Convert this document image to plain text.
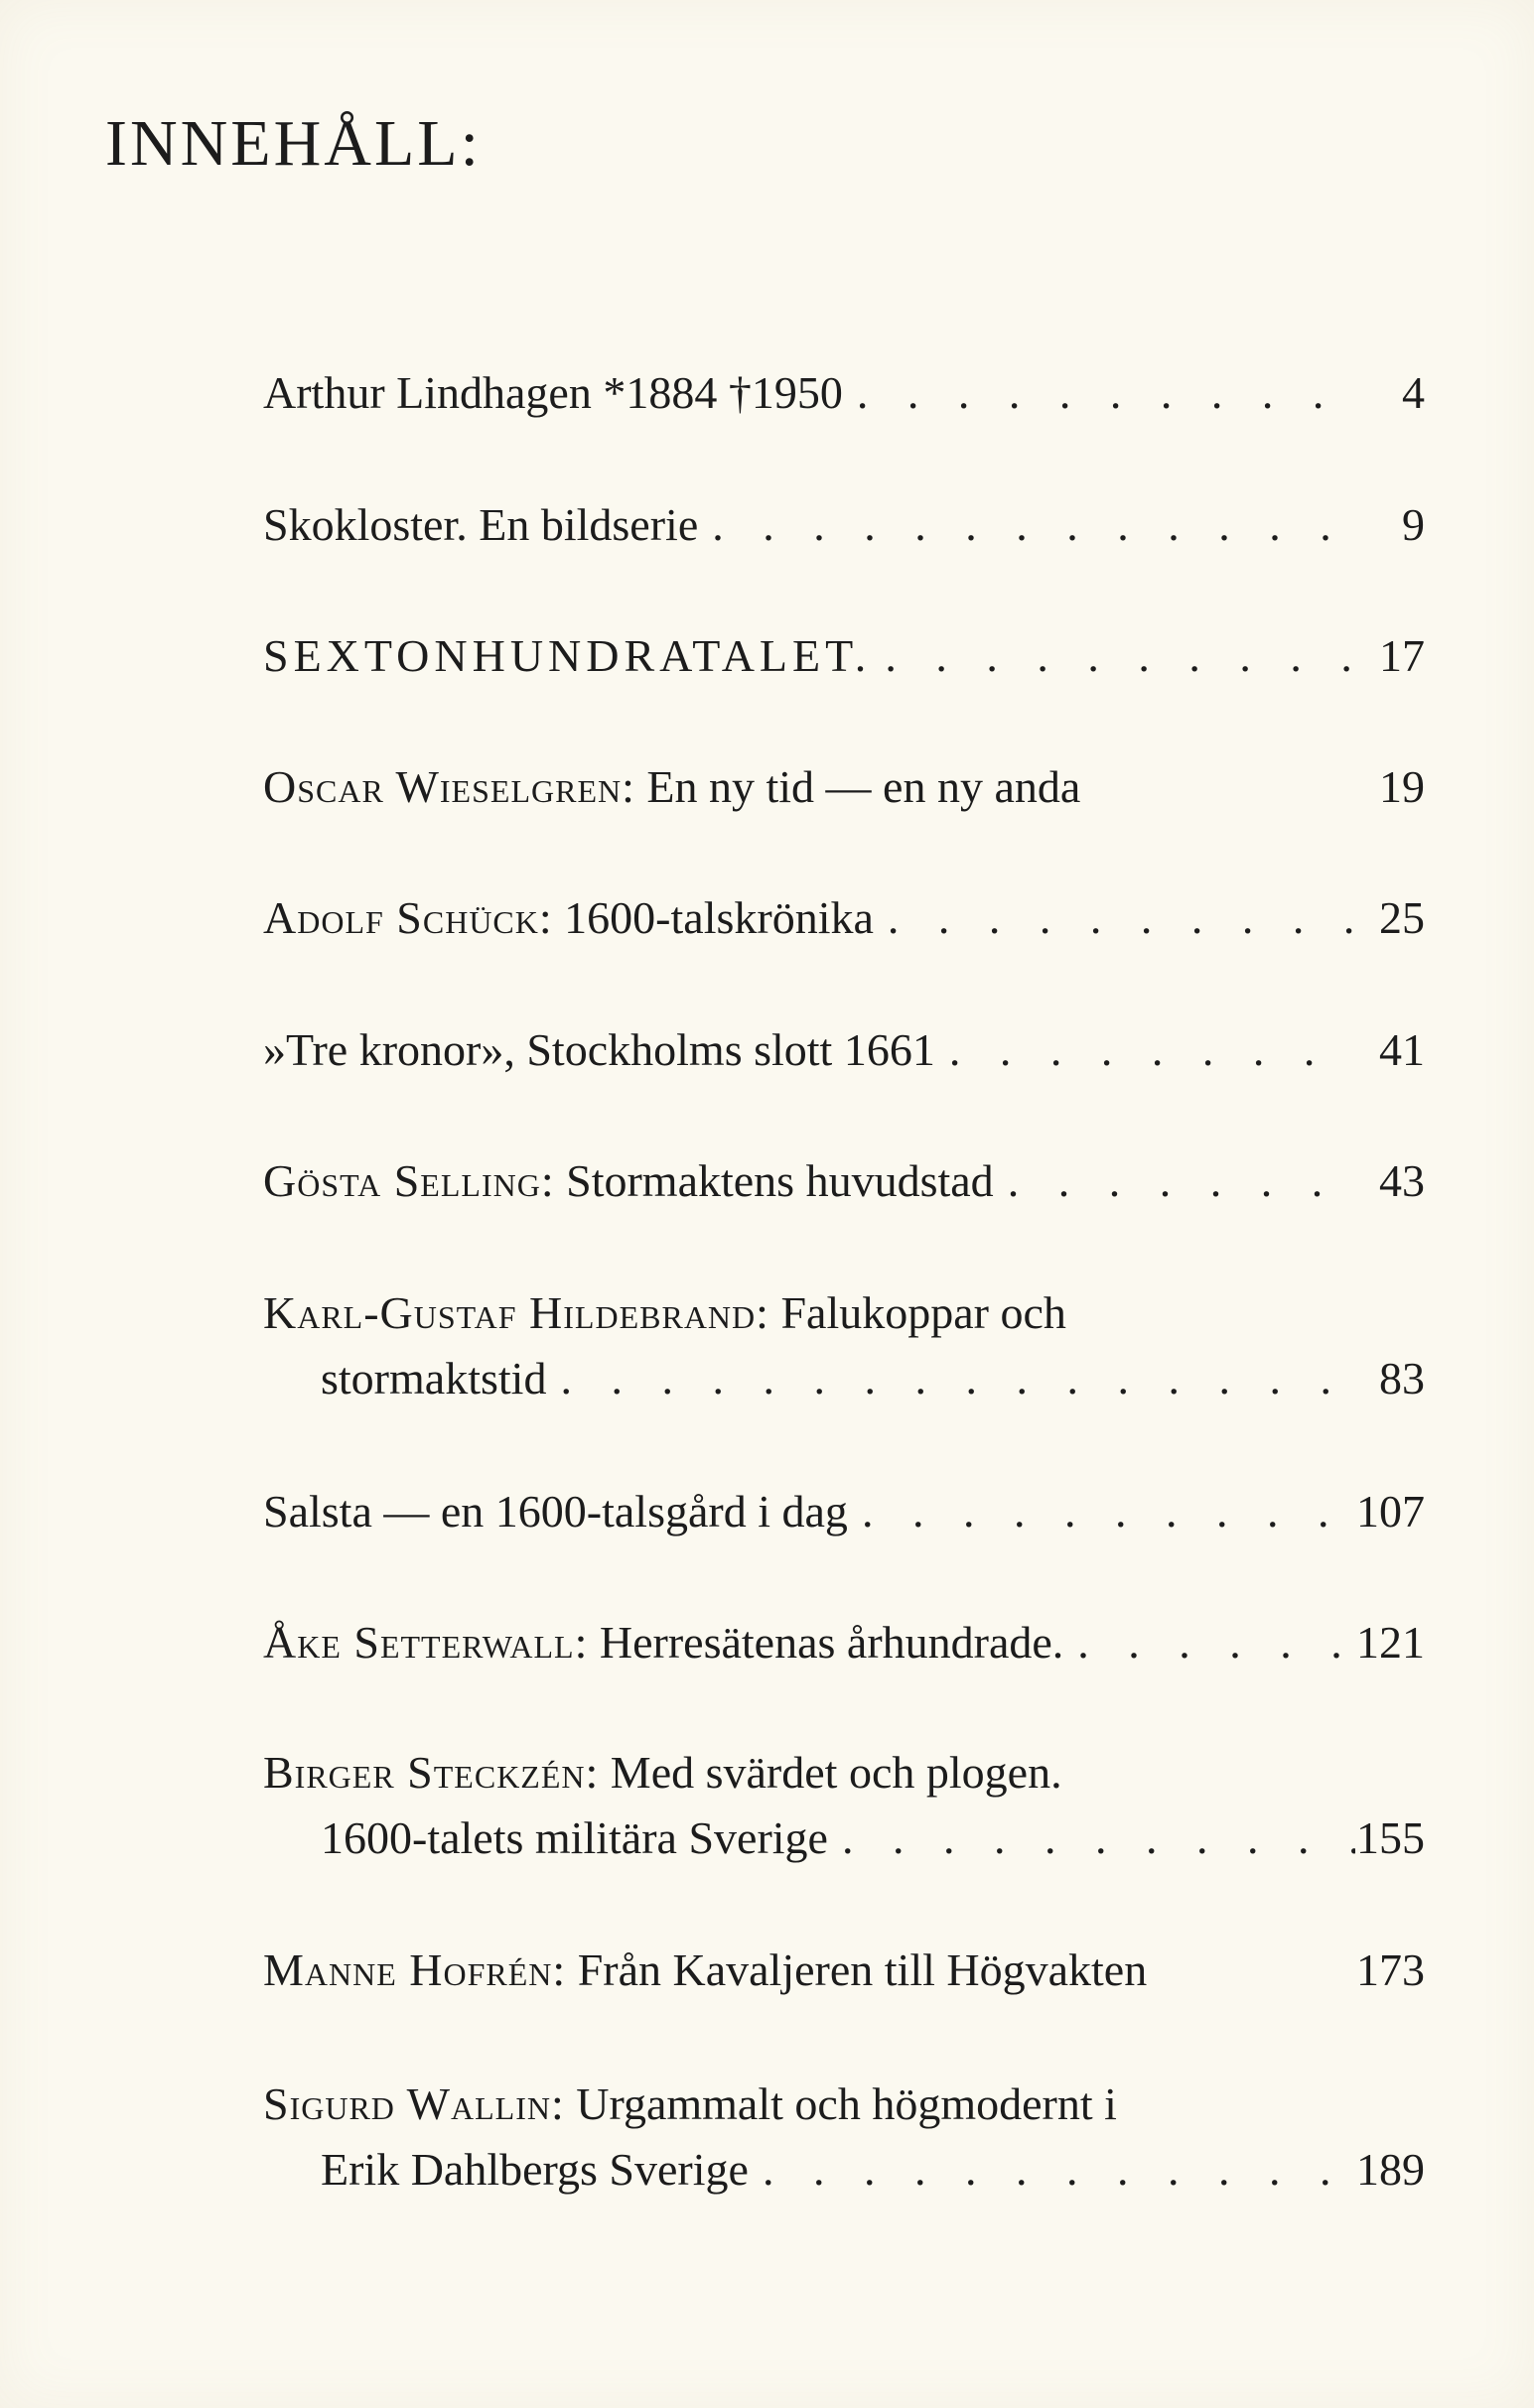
INNEHÅLL:
Arthur Lindhagen *1884 †1950 . . .	4
Skokloster. En bildserie . . .	9
SEXTONHUNDRATALET. . . .	17
Oscar Wieselgren: En ny tid — en ny anda	19
Adolf Schück: 1600-talskrönika . . .	25
»Tre kronor», Stockholms slott 1661 . . .	41
Gösta Selling: Stormaktens huvudstad . . .	43
Karl-Gustaf Hildebrand: Falukoppar och
stormaktstid . . .	83
Salsta — en 1600-talsgård i dag . . .	107
Åke Setterwall: Herresätenas århundrade. . . .	121
Birger Steckzén: Med svärdet och plogen.
1600-talets militära Sverige . . .	155
Manne Hofrén: Från Kavaljeren till Högvakten	173
Sigurd Wallin: Urgammalt och högmodernt i
Erik Dahlbergs Sverige . . .	189
